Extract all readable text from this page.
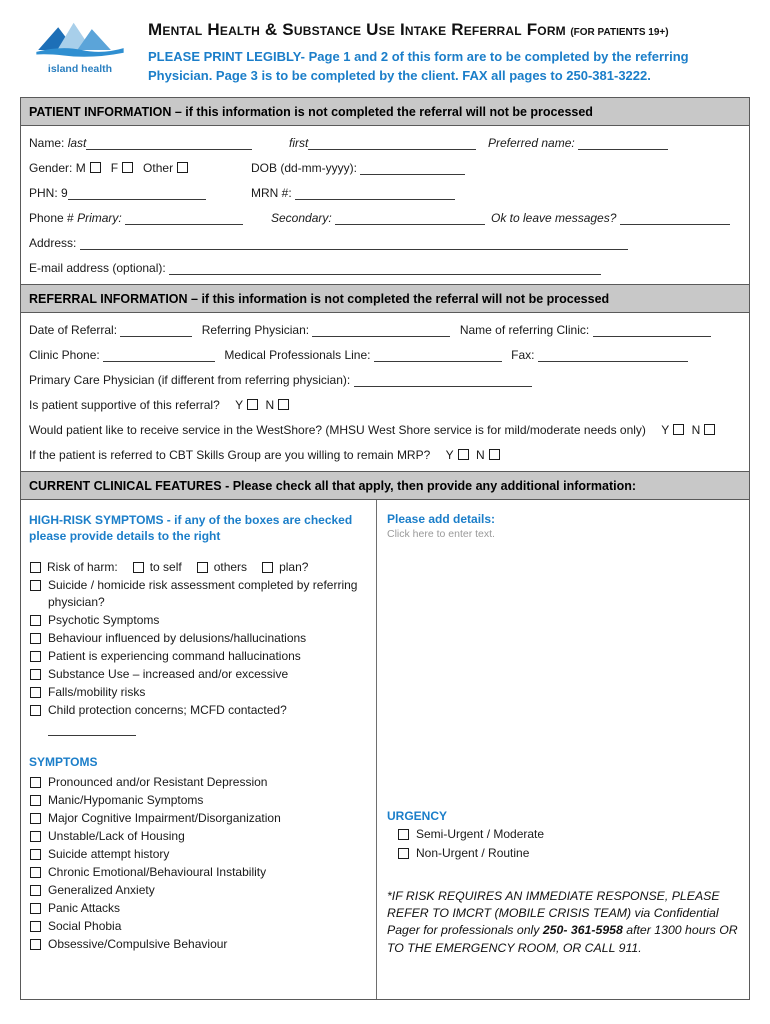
island health
Mental Health & Substance Use Intake Referral Form (FOR PATIENTS 19+)
PLEASE PRINT LEGIBLY- Page 1 and 2 of this form are to be completed by the referring Physician. Page 3 is to be completed by the client. FAX all pages to 250-381-3222.
PATIENT INFORMATION – if this information is not completed the referral will not be processed
Name: last	first	Preferred name:
Gender: M F Other	DOB (dd-mm-yyyy):
PHN: 9	MRN #:
Phone # Primary:	Secondary:	Ok to leave messages?
Address:
E-mail address (optional):
REFERRAL INFORMATION – if this information is not completed the referral will not be processed
Date of Referral:	Referring Physician:	Name of referring Clinic:
Clinic Phone:	Medical Professionals Line:	Fax:
Primary Care Physician (if different from referring physician):
Is patient supportive of this referral? Y N
Would patient like to receive service in the WestShore? (MHSU West Shore service is for mild/moderate needs only) Y N
If the patient is referred to CBT Skills Group are you willing to remain MRP? Y N
CURRENT CLINICAL FEATURES - Please check all that apply, then provide any additional information:
HIGH-RISK SYMPTOMS - if any of the boxes are checked please provide details to the right
Risk of harm:	to self	others	plan?
Suicide / homicide risk assessment completed by referring physician?
Psychotic Symptoms
Behaviour influenced by delusions/hallucinations
Patient is experiencing command hallucinations
Substance Use – increased and/or excessive
Falls/mobility risks
Child protection concerns; MCFD contacted?
SYMPTOMS
Pronounced and/or Resistant Depression
Manic/Hypomanic Symptoms
Major Cognitive Impairment/Disorganization
Unstable/Lack of Housing
Suicide attempt history
Chronic Emotional/Behavioural Instability
Generalized Anxiety
Panic Attacks
Social Phobia
Obsessive/Compulsive Behaviour
Please add details:
Click here to enter text.
URGENCY
Semi-Urgent / Moderate
Non-Urgent / Routine
*IF RISK REQUIRES AN IMMEDIATE RESPONSE, PLEASE REFER TO IMCRT (MOBILE CRISIS TEAM) via Confidential Pager for professionals only 250- 361-5958 after 1300 hours OR TO THE EMERGENCY ROOM, OR CALL 911.
